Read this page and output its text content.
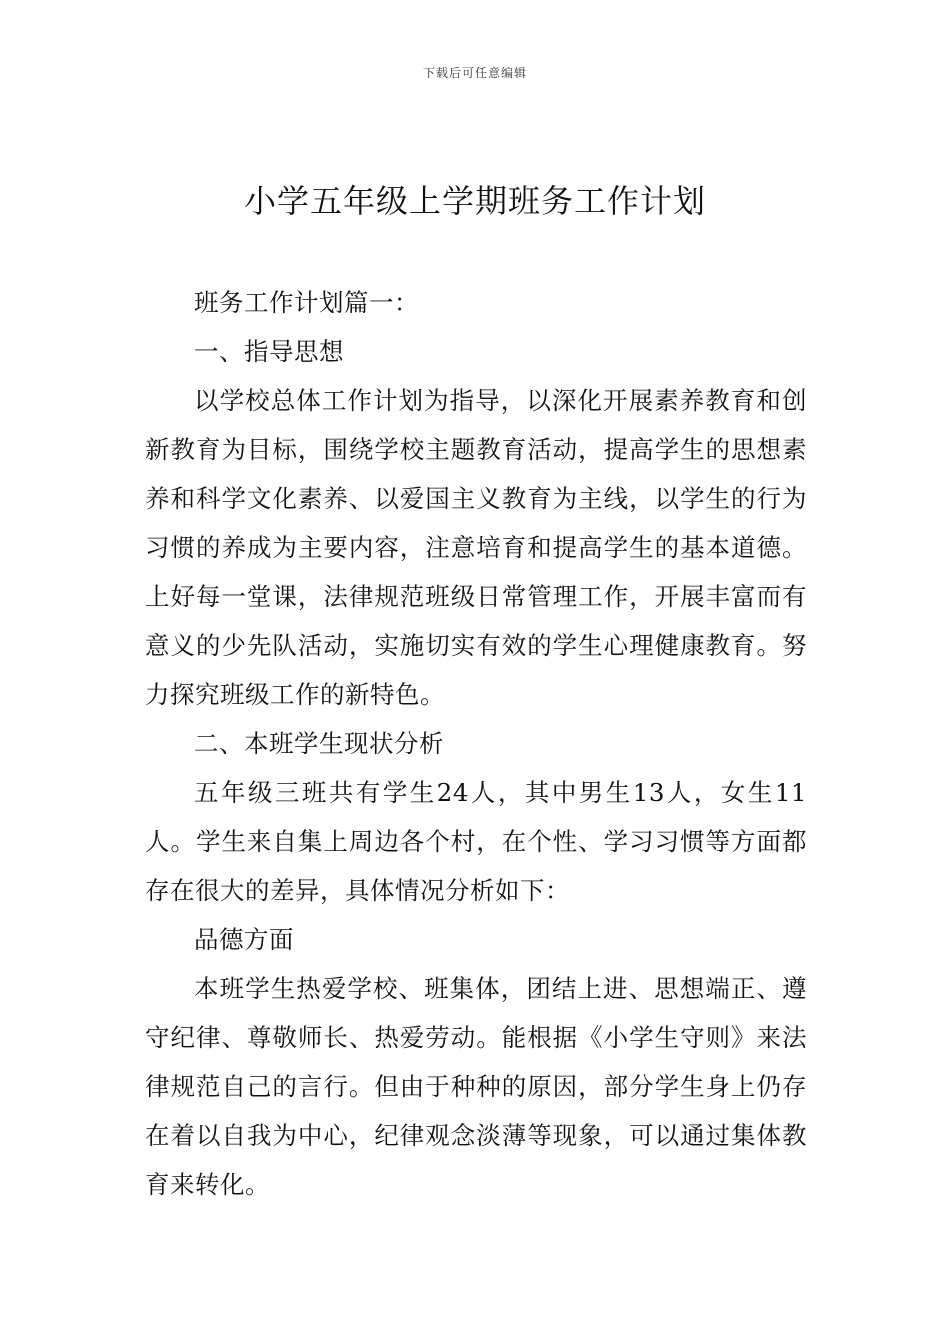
下载后可任意编辑
小学五年级上学期班务工作计划

班务工作计划篇一：

一、指导思想

以学校总体工作计划为指导，以深化开展素养教育和创新教育为目标，围绕学校主题教育活动，提高学生的思想素养和科学文化素养、以爱国主义教育为主线，以学生的行为习惯的养成为主要内容，注意培育和提高学生的基本道德。上好每一堂课，法律规范班级日常管理工作，开展丰富而有意义的少先队活动，实施切实有效的学生心理健康教育。努力探究班级工作的新特色。

二、本班学生现状分析

五年级三班共有学生24人，其中男生13人，女生11人。学生来自集上周边各个村，在个性、学习习惯等方面都存在很大的差异，具体情况分析如下：

品德方面

本班学生热爱学校、班集体，团结上进、思想端正、遵守纪律、尊敬师长、热爱劳动。能根据《小学生守则》来法律规范自己的言行。但由于种种的原因，部分学生身上仍存在着以自我为中心，纪律观念淡薄等现象，可以通过集体教育来转化。
